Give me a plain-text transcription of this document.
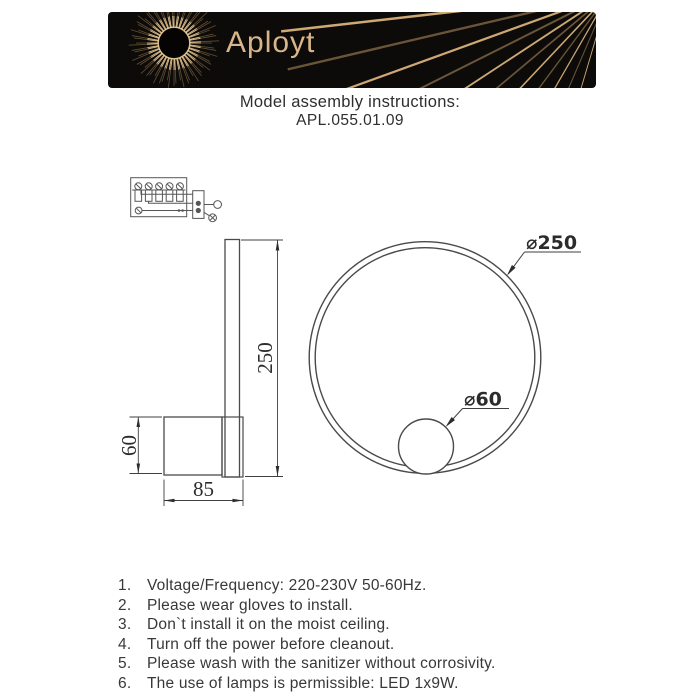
Aployt
Model assembly instructions:
APL.055.01.09
250
60
85
⌀250
⌀60
1.	Voltage/Frequency: 220-230V 50-60Hz.
2.	Please wear gloves to install.
3.	Don`t install it on the moist ceiling.
4.	Turn off the power before cleanout.
5.	Please wash with the sanitizer without corrosivity.
6.	The use of lamps is permissible: LED 1x9W.
